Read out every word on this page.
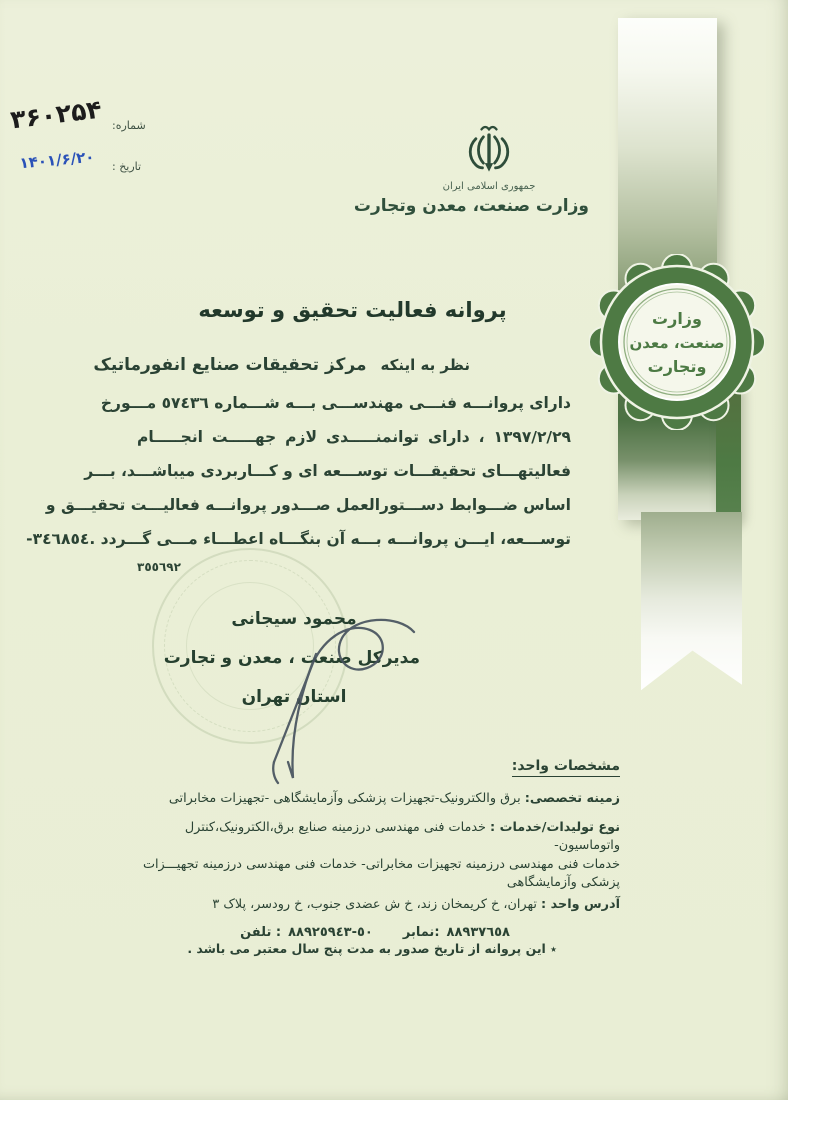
وزارت
صنعت، معدن
وتجارت
شماره:
۳۶۰۲۵۴
تاریخ :
۱۴۰۱/۶/۲۰
جمهوری اسلامی ایران
وزارت صنعت، معدن وتجارت
پروانه فعالیت تحقیق و توسعه
نظر به اینکه
مرکز تحقیقات صنایع انفورماتیک
دارای پروانـــه فنـــی مهندســـی بـــه شـــماره ٥٧٤٣٦ مـــورخ
١٣٩٧/٢/٢٩ ، دارای توانمنـــــدی لازم جهـــــت انجـــــام
فعالیتهـــای تحقیقـــات توســـعه ای و کـــاربردی میباشـــد، بـــر
اساس ضـــوابط دســـتورالعمل صـــدور پروانـــه فعالیـــت تحقیـــق و
توســـعه، ایـــن پروانـــه بـــه آن بنگـــاه اعطـــاء مـــی گـــردد .٣٤٦٨٥٤-
٣٥٥٦٩٢
محمود سیجانی
مدیرکل صنعت ، معدن و تجارت
استان تهران
مشخصات واحد:
زمینه تخصصی: برق والکترونیک-تجهیزات پزشکی وآزمایشگاهی -تجهیزات مخابراتی
نوع تولیدات/خدمات : خدمات فنی مهندسی درزمینه صنایع برق،الکترونیک،کنترل واتوماسیون-
خدمات فنی مهندسی درزمینه تجهیزات مخابراتی- خدمات فنی مهندسی درزمینه تجهیـــزات
پزشکی وآزمایشگاهی
آدرس واحد : تهران، خ کریمخان زند، خ ش عضدی جنوب، خ رودسر، پلاک ۳
تلفن : ٥٠-٨٨٩٢٥٩٤٣ نمابر: ٨٨٩٣٧٦٥٨
٭ این پروانه از تاریخ صدور به مدت پنج سال معتبر می باشد .
